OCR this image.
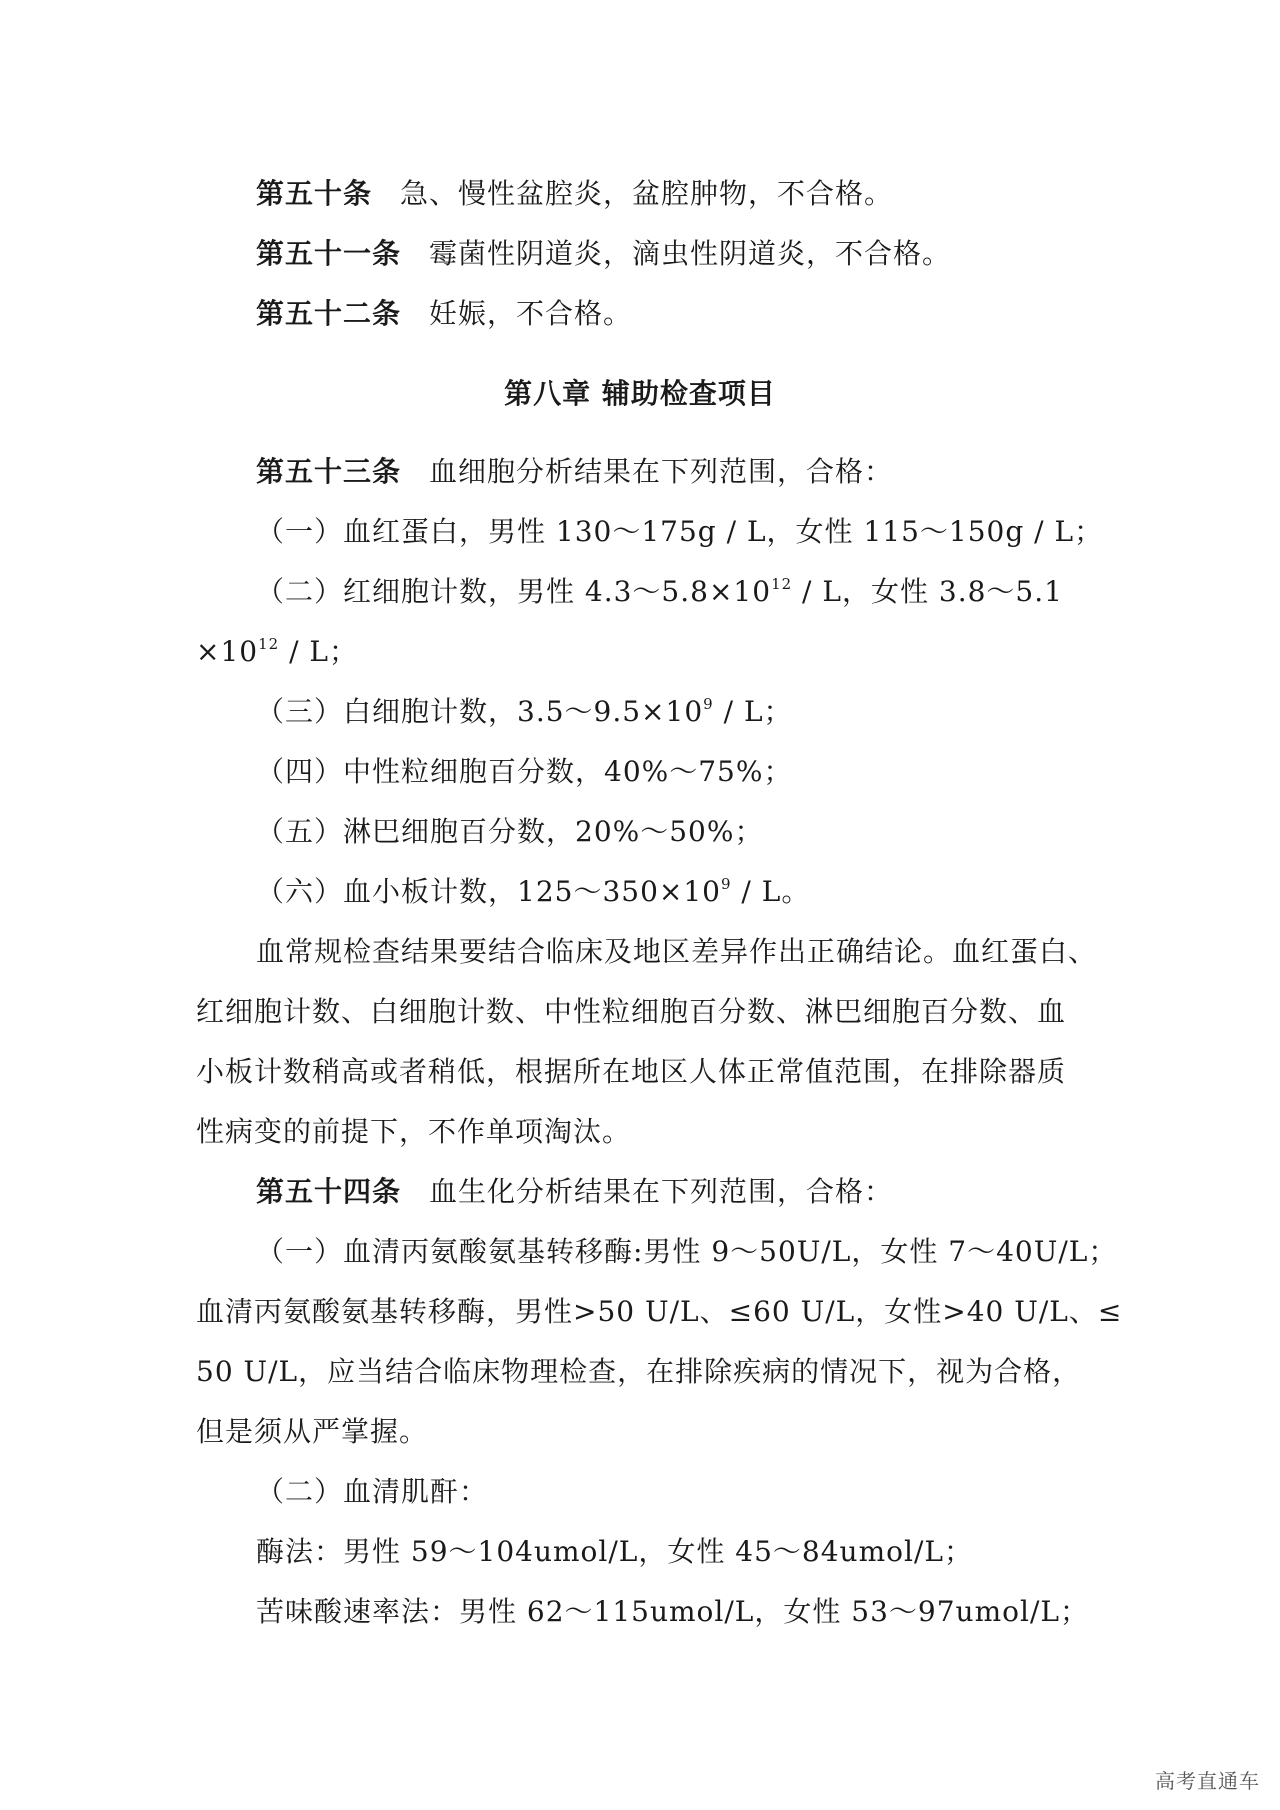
第五十条 急、慢性盆腔炎，盆腔肿物，不合格。
第五十一条 霉菌性阴道炎，滴虫性阴道炎，不合格。
第五十二条 妊娠，不合格。
第八章 辅助检查项目
第五十三条 血细胞分析结果在下列范围，合格：
（一）血红蛋白，男性 130～175g / L，女性 115～150g / L；
（二）红细胞计数，男性 $4.3\sim 5.8\times 10^{12} / L$，女性 3.8～5.1
$\times 10^{12} / L$；
（三）白细胞计数，$3.5\sim 9.5\times 10^9 / L$；
（四）中性粒细胞百分数，40%～75%；
（五）淋巴细胞百分数，20%～50%；
（六）血小板计数，$125\sim 350\times 10^9 / L$。
血常规检查结果要结合临床及地区差异作出正确结论。血红蛋白、
红细胞计数、白细胞计数、中性粒细胞百分数、淋巴细胞百分数、血
小板计数稍高或者稍低，根据所在地区人体正常值范围，在排除器质
性病变的前提下，不作单项淘汰。
第五十四条 血生化分析结果在下列范围，合格：
（一）血清丙氨酸氨基转移酶:男性 9～50U/L，女性 7～40U/L；
血清丙氨酸氨基转移酶，男性>50 U/L、≤60 U/L，女性>40 U/L、≤
50 U/L，应当结合临床物理检查，在排除疾病的情况下，视为合格，
但是须从严掌握。
（二）血清肌酐：
酶法：男性 59～104umol/L，女性 45～84umol/L；
苦味酸速率法：男性 62～115umol/L，女性 53～97umol/L；
高考直通车
